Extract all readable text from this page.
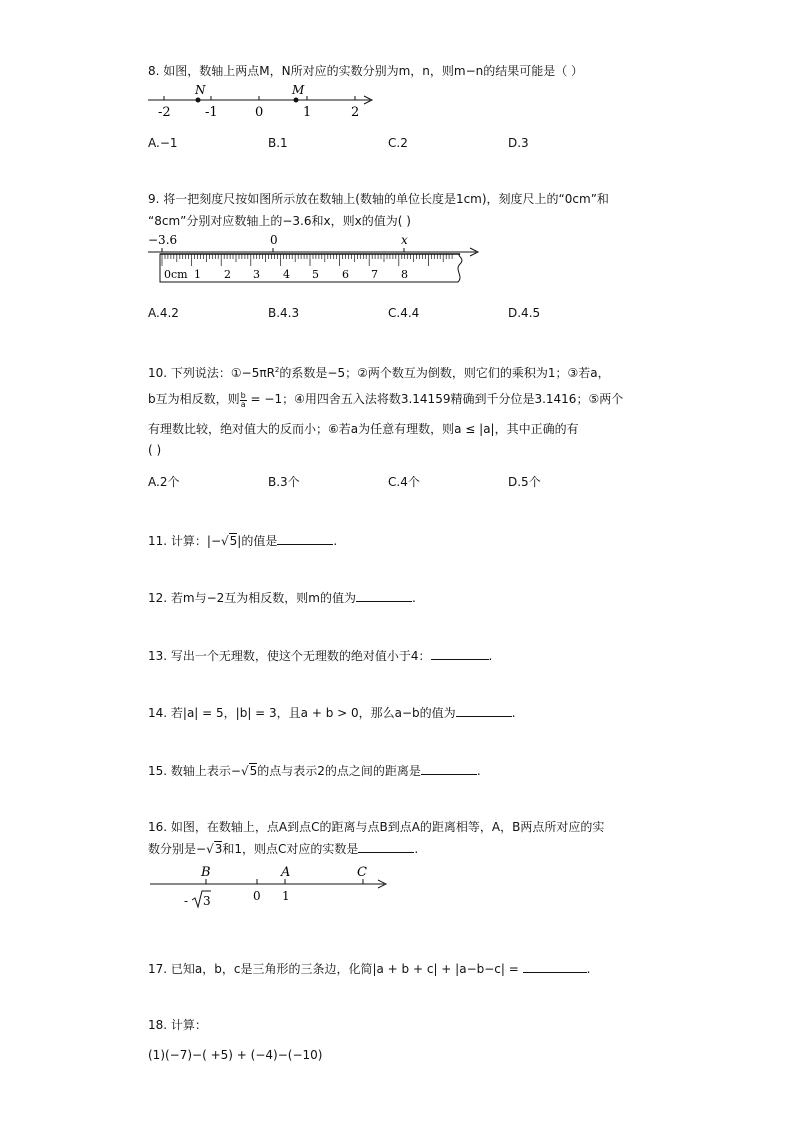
8. 如图，数轴上两点M，N所对应的实数分别为m，n，则m−n的结果可能是（ ）
N	M
-2	-1	0	1	2
A.−1	B.1	C.2	D.3
9. 将一把刻度尺按如图所示放在数轴上(数轴的单位长度是1cm)，刻度尺上的“0cm”和
“8cm”分别对应数轴上的−3.6和x，则x的值为( )
−3.6	0	x
0cm 1 2 3 4 5 6 7 8
A.4.2	B.4.3	C.4.4	D.4.5
10. 下列说法：$①-5\pi R^2$的系数是−5；②两个数互为倒数，则它们的乘积为1；③若a，
b互为相反数，则 $\frac{b}{a} = -1$；④用四舍五入法将数3.14159精确到千分位是3.1416；⑤两个
有理数比较，绝对值大的反而小；⑥若a为任意有理数，则a ≤ |a|，其中正确的有
( )
A.2个	B.3个	C.4个	D.5个
11. 计算：|−√5|的值是	.
12. 若m与−2互为相反数，则m的值为	.
13. 写出一个无理数，使这个无理数的绝对值小于4：	.
14. 若|a| = 5，|b| = 3，且a + b > 0，那么a−b的值为	.
15. 数轴上表示−√5的点与表示2的点之间的距离是	.
16. 如图，在数轴上，点A到点C的距离与点B到点A的距离相等，A，B两点所对应的实
数分别是−√3和1，则点C对应的实数是	.
B	A	C
0 1
- 3
17. 已知a，b，c是三角形的三条边，化简|a + b + c| + |a−b−c| =	.
18. 计算：
(1)(−7)−( +5) + (−4)−(−10)
